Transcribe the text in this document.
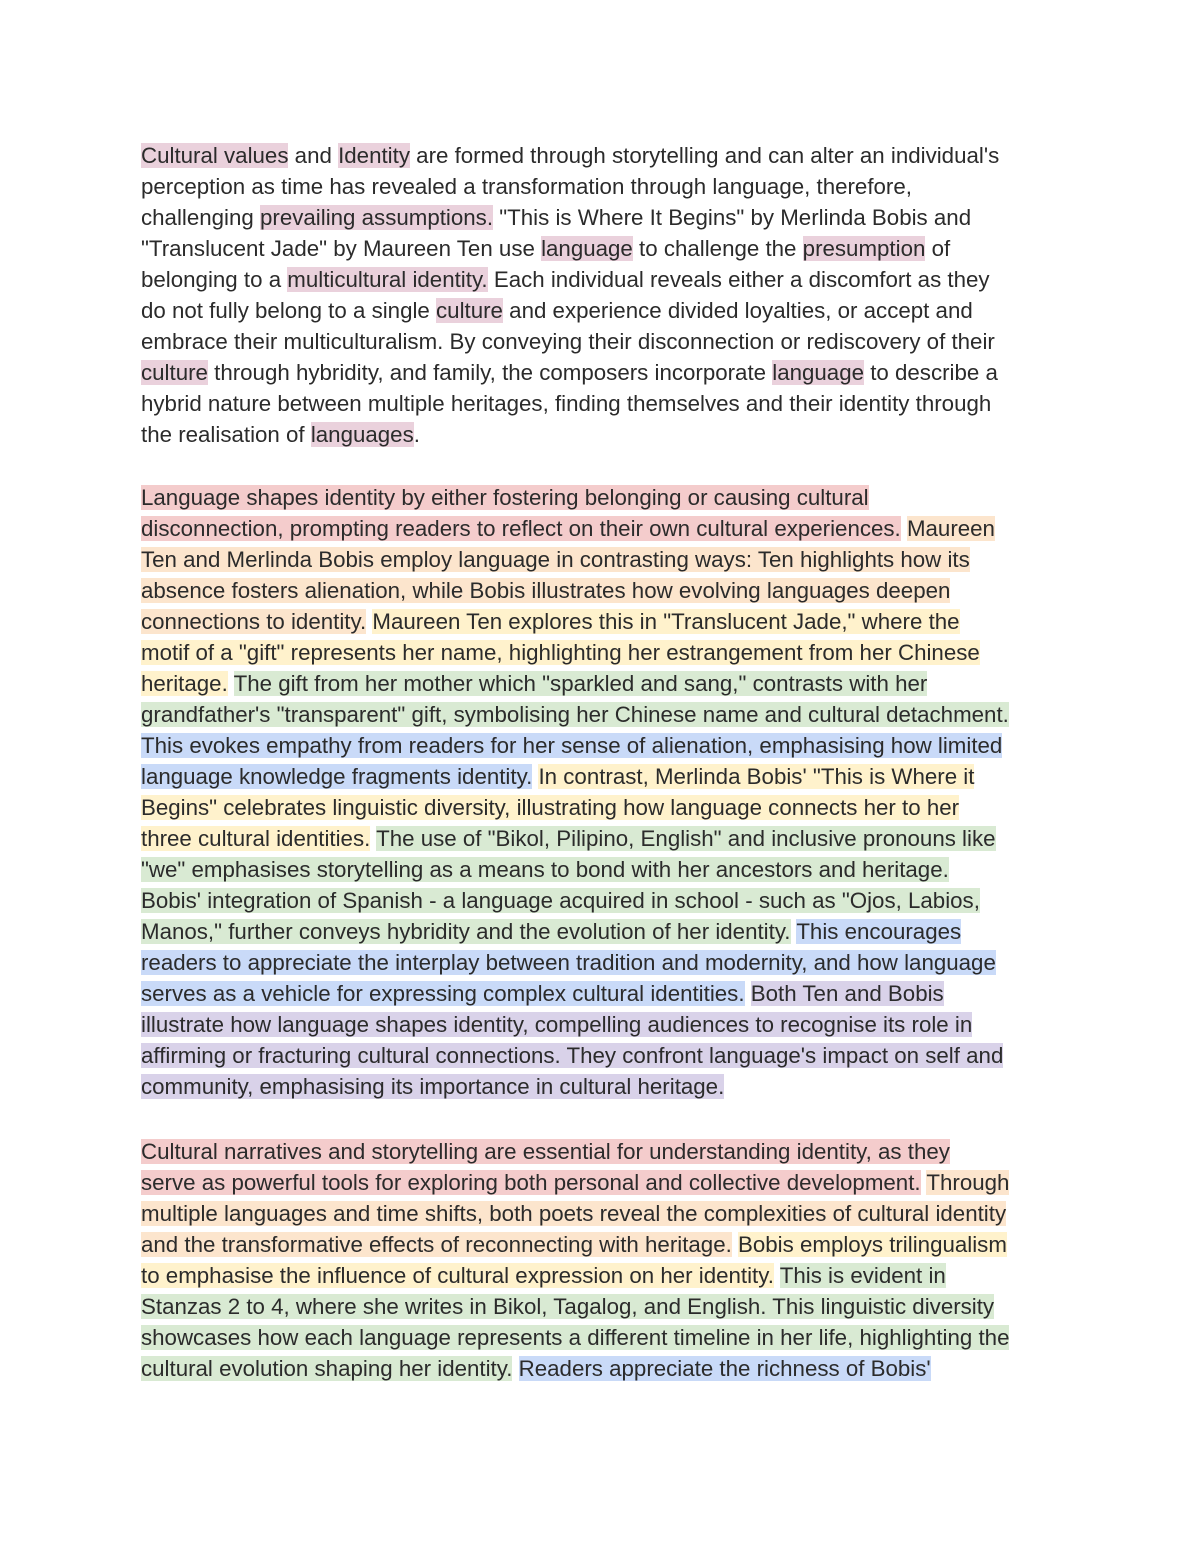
Cultural values and Identity are formed through storytelling and can alter an individual's
perception as time has revealed a transformation through language, therefore,
challenging prevailing assumptions. "This is Where It Begins" by Merlinda Bobis and
"Translucent Jade" by Maureen Ten use language to challenge the presumption of
belonging to a multicultural identity. Each individual reveals either a discomfort as they
do not fully belong to a single culture and experience divided loyalties, or accept and
embrace their multiculturalism. By conveying their disconnection or rediscovery of their
culture through hybridity, and family, the composers incorporate language to describe a
hybrid nature between multiple heritages, finding themselves and their identity through
the realisation of languages.

Language shapes identity by either fostering belonging or causing cultural
disconnection, prompting readers to reflect on their own cultural experiences. Maureen
Ten and Merlinda Bobis employ language in contrasting ways: Ten highlights how its
absence fosters alienation, while Bobis illustrates how evolving languages deepen
connections to identity. Maureen Ten explores this in "Translucent Jade," where the
motif of a "gift" represents her name, highlighting her estrangement from her Chinese
heritage. The gift from her mother which "sparkled and sang," contrasts with her
grandfather's "transparent" gift, symbolising her Chinese name and cultural detachment.
This evokes empathy from readers for her sense of alienation, emphasising how limited
language knowledge fragments identity. In contrast, Merlinda Bobis' "This is Where it
Begins" celebrates linguistic diversity, illustrating how language connects her to her
three cultural identities. The use of "Bikol, Pilipino, English" and inclusive pronouns like
"we" emphasises storytelling as a means to bond with her ancestors and heritage.
Bobis' integration of Spanish - a language acquired in school - such as "Ojos, Labios,
Manos," further conveys hybridity and the evolution of her identity. This encourages
readers to appreciate the interplay between tradition and modernity, and how language
serves as a vehicle for expressing complex cultural identities. Both Ten and Bobis
illustrate how language shapes identity, compelling audiences to recognise its role in
affirming or fracturing cultural connections. They confront language's impact on self and
community, emphasising its importance in cultural heritage.

Cultural narratives and storytelling are essential for understanding identity, as they
serve as powerful tools for exploring both personal and collective development. Through
multiple languages and time shifts, both poets reveal the complexities of cultural identity
and the transformative effects of reconnecting with heritage. Bobis employs trilingualism
to emphasise the influence of cultural expression on her identity. This is evident in
Stanzas 2 to 4, where she writes in Bikol, Tagalog, and English. This linguistic diversity
showcases how each language represents a different timeline in her life, highlighting the
cultural evolution shaping her identity. Readers appreciate the richness of Bobis'
